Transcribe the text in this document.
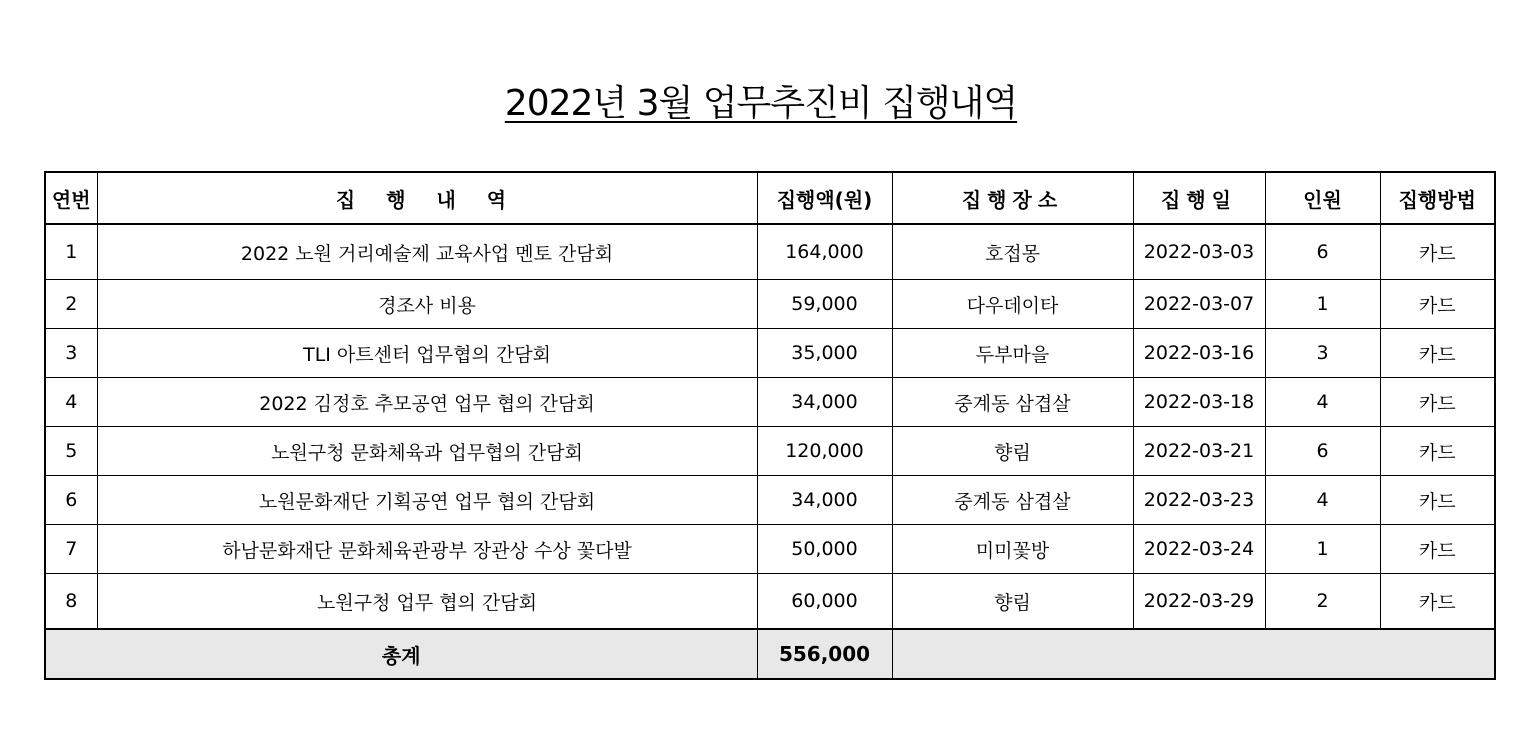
2022년 3월 업무추진비 집행내역
연번	집 행 내 역	집행액(원)	집행장소	집행일	인원	집행방법
1	2022 노원 거리예술제 교육사업 멘토 간담회	164,000	호접몽	2022-03-03	6	카드
2	경조사 비용	59,000	다우데이타	2022-03-07	1	카드
3	TLI 아트센터 업무협의 간담회	35,000	두부마을	2022-03-16	3	카드
4	2022 김정호 추모공연 업무 협의 간담회	34,000	중계동 삼겹살	2022-03-18	4	카드
5	노원구청 문화체육과 업무협의 간담회	120,000	향림	2022-03-21	6	카드
6	노원문화재단 기획공연 업무 협의 간담회	34,000	중계동 삼겹살	2022-03-23	4	카드
7	하남문화재단 문화체육관광부 장관상 수상 꽃다발	50,000	미미꽃방	2022-03-24	1	카드
8	노원구청 업무 협의 간담회	60,000	향림	2022-03-29	2	카드
총계		556,000				
